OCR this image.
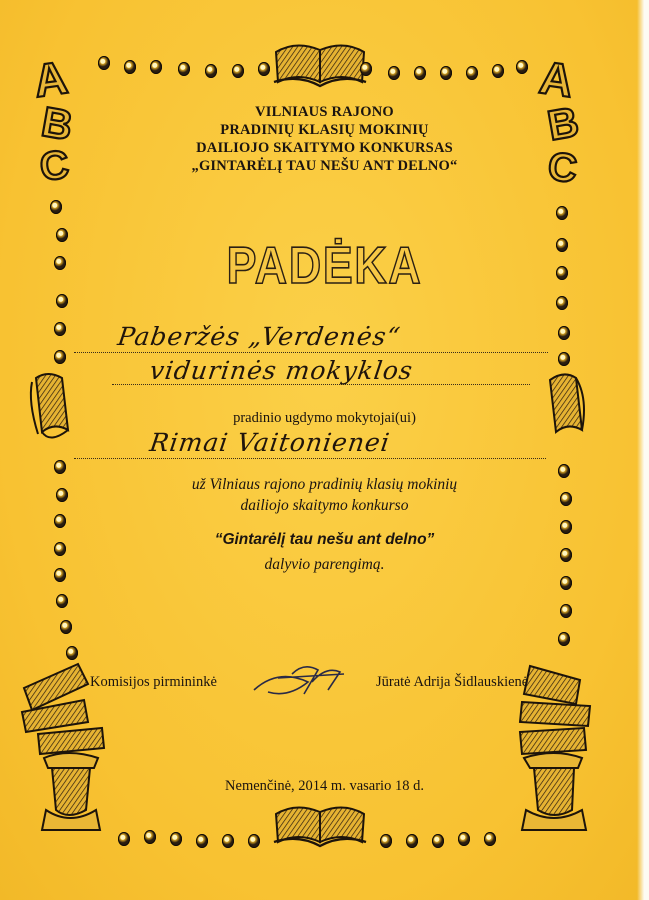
A
B
C
A
B
C
VILNIAUS RAJONO
PRADINIŲ KLASIŲ MOKINIŲ
DAILIOJO SKAITYMO KONKURSAS
„GINTARĖLĮ TAU NEŠU ANT DELNO“
PADĖKA
Paberžės „Verdenės“
vidurinės mokyklos
pradinio ugdymo mokytojai(ui)
Rimai Vaitonienei
už Vilniaus rajono pradinių klasių mokinių
dailiojo skaitymo konkurso
“Gintarėlį tau nešu ant delno”
dalyvio parengimą.
Komisijos pirmininkė	Jūratė Adrija Šidlauskienė
Nemenčinė, 2014 m. vasario 18 d.
